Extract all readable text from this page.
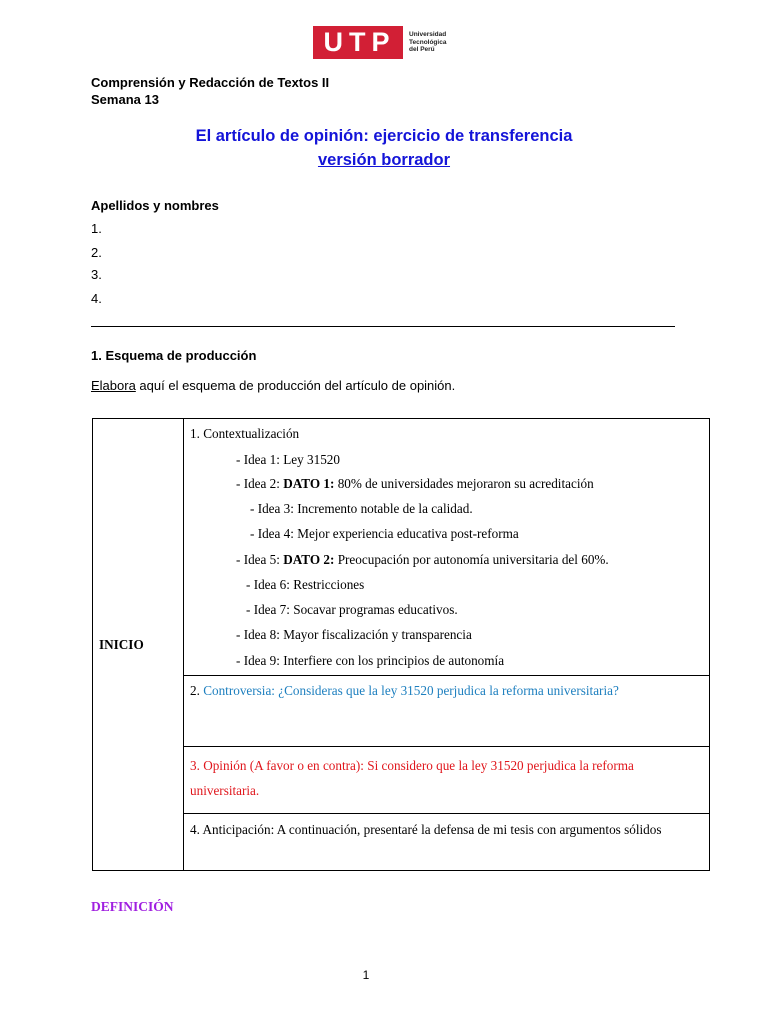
UTP	Universidad
Tecnológica
del Perú
Comprensión y Redacción de Textos II
Semana 13
El artículo de opinión: ejercicio de transferencia
versión borrador
Apellidos y nombres
1.
2.
3.
4.
1. Esquema de producción
Elabora aquí el esquema de producción del artículo de opinión.
INICIO	
1. Contextualización
- Idea 1: Ley 31520
- Idea 2: DATO 1: 80% de universidades mejoraron su acreditación
- Idea 3: Incremento notable de la calidad.
- Idea 4: Mejor experiencia educativa post-reforma
- Idea 5: DATO 2: Preocupación por autonomía universitaria del 60%.
- Idea 6: Restricciones
- Idea 7: Socavar programas educativos.
- Idea 8: Mayor fiscalización y transparencia
- Idea 9: Interfiere con los principios de autonomía

2. Controversia: ¿Consideras que la ley 31520 perjudica la reforma universitaria?

3. Opinión (A favor o en contra): Si considero que la ley 31520 perjudica la reforma universitaria.

4. Anticipación: A continuación, presentaré la defensa de mi tesis con argumentos sólidos
DEFINICIÓN
1
